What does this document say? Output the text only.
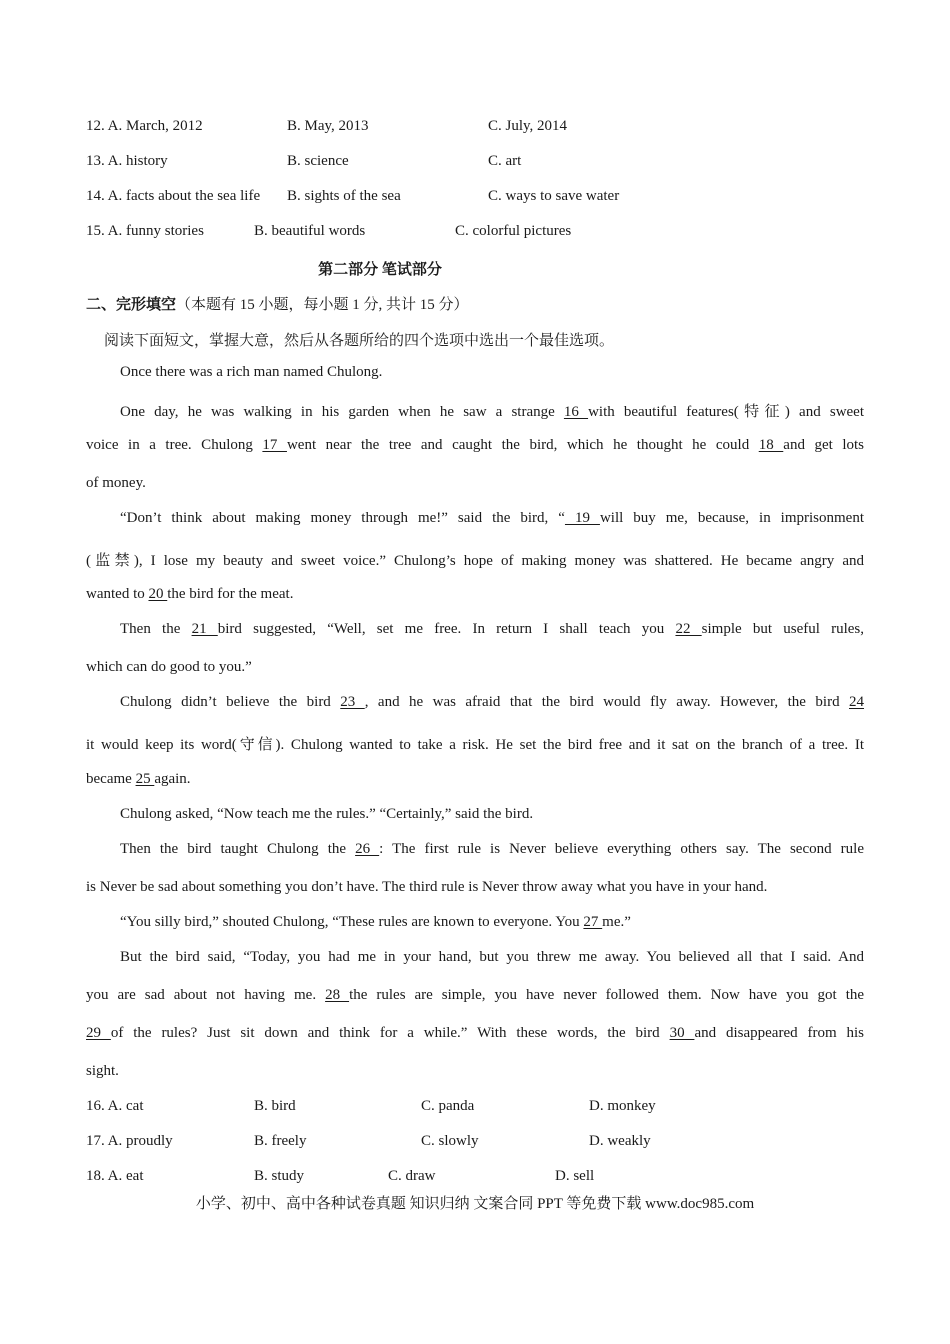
12. A. March, 2012	B. May, 2013	C. July, 2014
13. A. history	B. science	C. art
14. A. facts about the sea life B. sights of the sea	C. ways to save water
15. A. funny stories	B. beautiful words	C. colorful pictures
第二部分 笔试部分
二、完形填空（本题有 15 小题，每小题 1 分, 共计 15 分）
阅读下面短文，掌握大意，然后从各题所给的四个选项中选出一个最佳选项。
Once there was a rich man named Chulong.
One day, he was walking in his garden when he saw a strange 16 with beautiful features(特征) and sweet
voice in a tree. Chulong 17 went near the tree and caught the bird, which he thought he could 18 and get lots
of money.
“Don’t think about making money through me!” said the bird, “ 19 will buy me, because, in imprisonment
(监禁), I lose my beauty and sweet voice.” Chulong’s hope of making money was shattered. He became angry and
wanted to 20 the bird for the meat.
Then the 21 bird suggested, “Well, set me free. In return I shall teach you 22 simple but useful rules,
which can do good to you.”
Chulong didn’t believe the bird 23 , and he was afraid that the bird would fly away. However, the bird 24
it would keep its word(守信). Chulong wanted to take a risk. He set the bird free and it sat on the branch of a tree. It
became 25 again.
Chulong asked, “Now teach me the rules.” “Certainly,” said the bird.
Then the bird taught Chulong the 26 : The first rule is Never believe everything others say. The second rule
is Never be sad about something you don’t have. The third rule is Never throw away what you have in your hand.
“You silly bird,” shouted Chulong, “These rules are known to everyone. You 27 me.”
But the bird said, “Today, you had me in your hand, but you threw me away. You believed all that I said. And
you are sad about not having me. 28 the rules are simple, you have never followed them. Now have you got the
29 of the rules? Just sit down and think for a while.” With these words, the bird 30 and disappeared from his
sight.
16. A. cat	B. bird	C. panda	D. monkey
17. A. proudly	B. freely	C. slowly	D. weakly
18. A. eat	B. study	C. draw	D. sell
小学、初中、高中各种试卷真题 知识归纳 文案合同 PPT 等免费下载 www.doc985.com
